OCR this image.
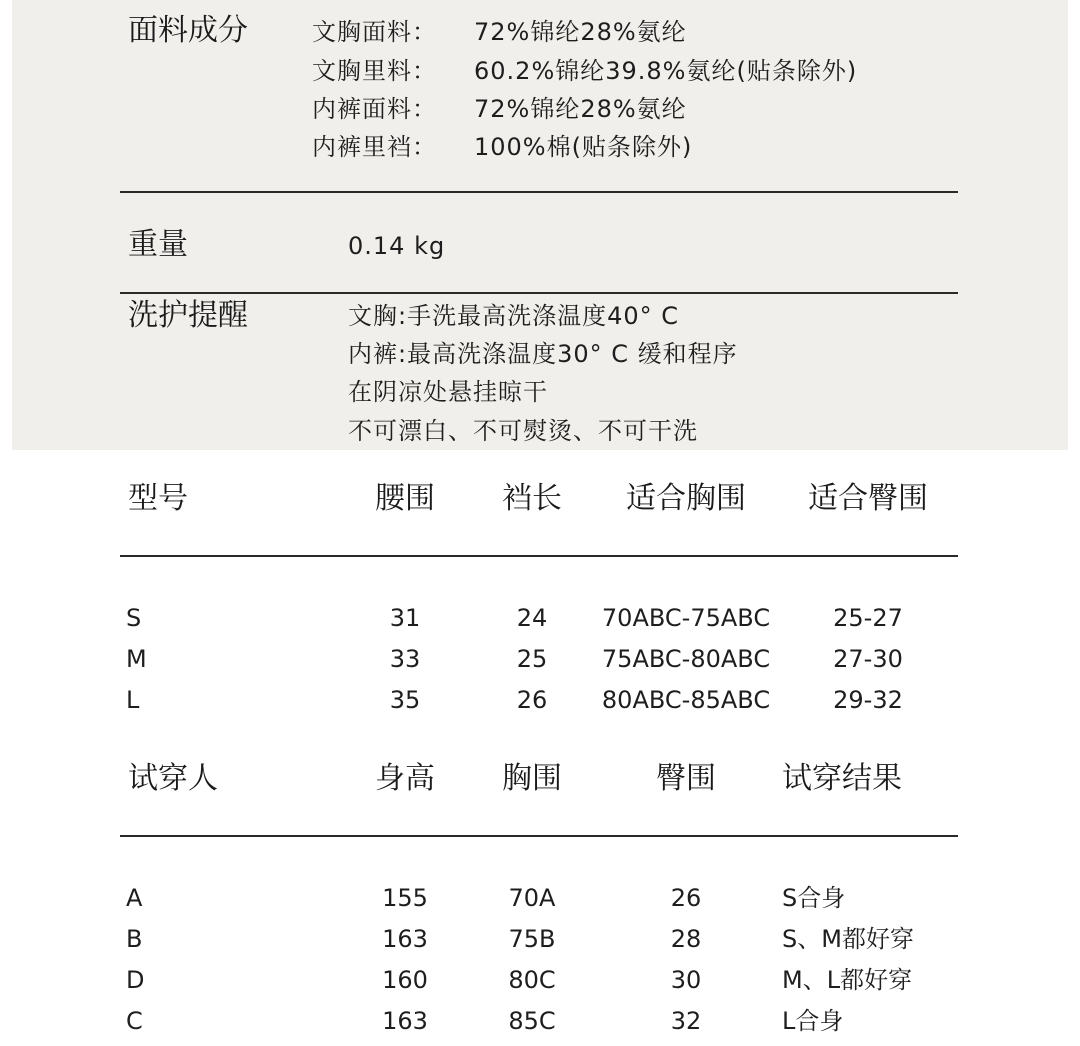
面料成分	文胸面料： 72%锦纶28%氨纶
文胸里料： 60.2%锦纶39.8%氨纶(贴条除外)
内裤面料： 72%锦纶28%氨纶
内裤里裆： 100%棉(贴条除外)
重量	0.14 kg
洗护提醒	文胸:手洗最高洗涤温度40° C
内裤:最高洗涤温度30° C 缓和程序
在阴凉处悬挂晾干
不可漂白、不可熨烫、不可干洗
型号	腰围	裆长	适合胸围	适合臀围
S	31	24	70ABC-75ABC	25-27
M	33	25	75ABC-80ABC	27-30
L	35	26	80ABC-85ABC	29-32
试穿人	身高	胸围	臀围	试穿结果
A	155	70A	26	S合身
B	163	75B	28	S、M都好穿
D	160	80C	30	M、L都好穿
C	163	85C	32	L合身
